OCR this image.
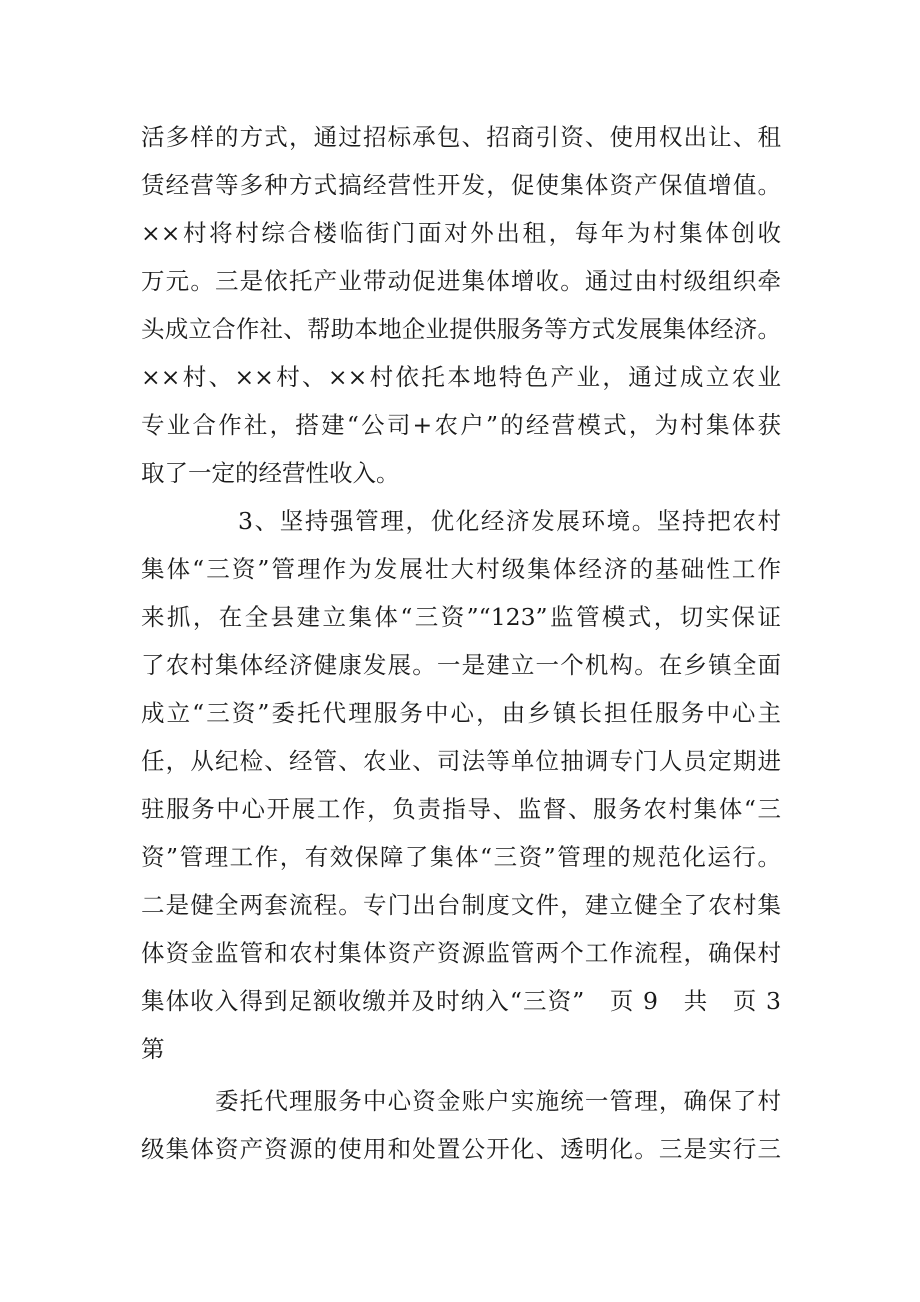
活多样的方式，通过招标承包、招商引资、使用权出让、租
赁经营等多种方式搞经营性开发，促使集体资产保值增值。
××村将村综合楼临街门面对外出租，每年为村集体创收
万元。三是依托产业带动促进集体增收。通过由村级组织牵
头成立合作社、帮助本地企业提供服务等方式发展集体经济。
××村、××村、××村依托本地特色产业，通过成立农业
专业合作社，搭建“公司+农户”的经营模式，为村集体获
取了一定的经营性收入。
3、坚持强管理，优化经济发展环境。坚持把农村
集体“三资”管理作为发展壮大村级集体经济的基础性工作
来抓，在全县建立集体“三资”“123”监管模式，切实保证
了农村集体经济健康发展。一是建立一个机构。在乡镇全面
成立“三资”委托代理服务中心，由乡镇长担任服务中心主
任，从纪检、经管、农业、司法等单位抽调专门人员定期进
驻服务中心开展工作，负责指导、监督、服务农村集体“三
资”管理工作，有效保障了集体“三资”管理的规范化运行。
二是健全两套流程。专门出台制度文件，建立健全了农村集
体资金监管和农村集体资产资源监管两个工作流程，确保村
集体收入得到足额收缴并及时纳入“三资”　页 9　共　页 3
第
委托代理服务中心资金账户实施统一管理，确保了村
级集体资产资源的使用和处置公开化、透明化。三是实行三
